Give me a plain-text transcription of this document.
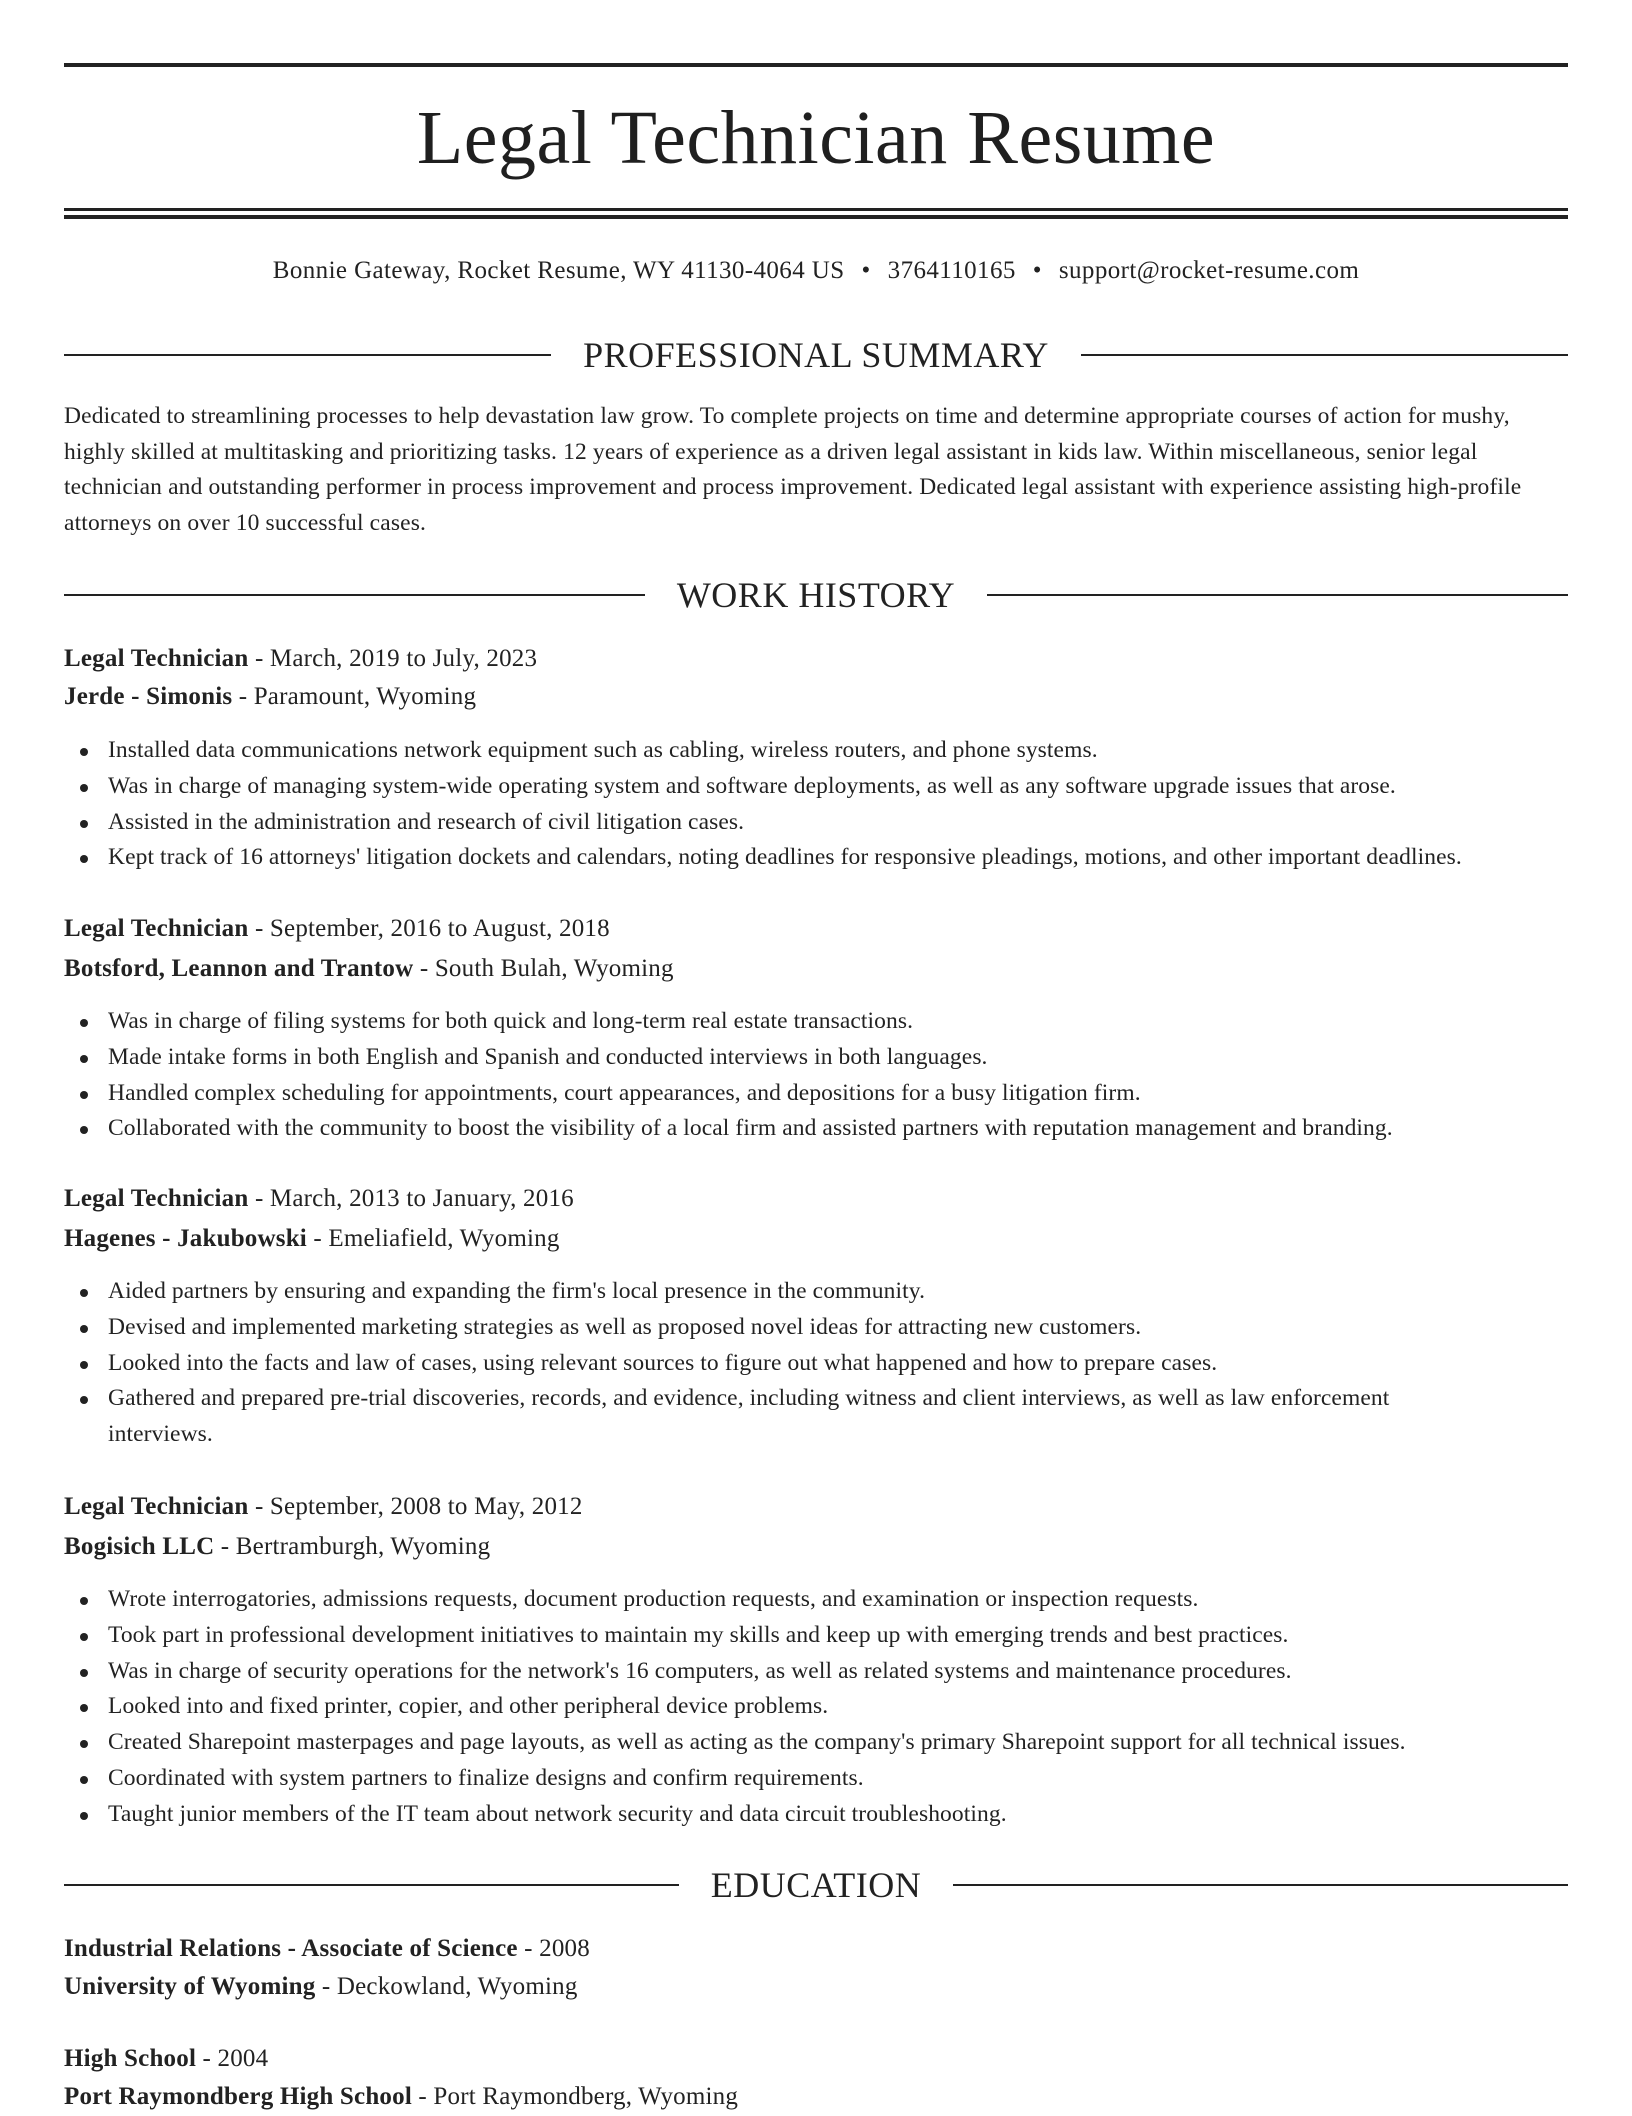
Legal Technician Resume
Bonnie Gateway, Rocket Resume, WY 41130-4064 US • 3764110165 • support@rocket-resume.com
PROFESSIONAL SUMMARY

Dedicated to streamlining processes to help devastation law grow. To complete projects on time and determine appropriate courses of action for mushy, highly skilled at multitasking and prioritizing tasks. 12 years of experience as a driven legal assistant in kids law. Within miscellaneous, senior legal technician and outstanding performer in process improvement and process improvement. Dedicated legal assistant with experience assisting high-profile attorneys on over 10 successful cases.

WORK HISTORY
Legal Technician - March, 2019 to July, 2023
Jerde - Simonis - Paramount, Wyoming
Installed data communications network equipment such as cabling, wireless routers, and phone systems.
Was in charge of managing system-wide operating system and software deployments, as well as any software upgrade issues that arose.
Assisted in the administration and research of civil litigation cases.
Kept track of 16 attorneys' litigation dockets and calendars, noting deadlines for responsive pleadings, motions, and other important deadlines.
Legal Technician - September, 2016 to August, 2018
Botsford, Leannon and Trantow - South Bulah, Wyoming
Was in charge of filing systems for both quick and long-term real estate transactions.
Made intake forms in both English and Spanish and conducted interviews in both languages.
Handled complex scheduling for appointments, court appearances, and depositions for a busy litigation firm.
Collaborated with the community to boost the visibility of a local firm and assisted partners with reputation management and branding.
Legal Technician - March, 2013 to January, 2016
Hagenes - Jakubowski - Emeliafield, Wyoming
Aided partners by ensuring and expanding the firm's local presence in the community.
Devised and implemented marketing strategies as well as proposed novel ideas for attracting new customers.
Looked into the facts and law of cases, using relevant sources to figure out what happened and how to prepare cases.
Gathered and prepared pre-trial discoveries, records, and evidence, including witness and client interviews, as well as law enforcement interviews.
Legal Technician - September, 2008 to May, 2012
Bogisich LLC - Bertramburgh, Wyoming
Wrote interrogatories, admissions requests, document production requests, and examination or inspection requests.
Took part in professional development initiatives to maintain my skills and keep up with emerging trends and best practices.
Was in charge of security operations for the network's 16 computers, as well as related systems and maintenance procedures.
Looked into and fixed printer, copier, and other peripheral device problems.
Created Sharepoint masterpages and page layouts, as well as acting as the company's primary Sharepoint support for all technical issues.
Coordinated with system partners to finalize designs and confirm requirements.
Taught junior members of the IT team about network security and data circuit troubleshooting.
EDUCATION
Industrial Relations - Associate of Science - 2008
University of Wyoming - Deckowland, Wyoming
High School - 2004
Port Raymondberg High School - Port Raymondberg, Wyoming
